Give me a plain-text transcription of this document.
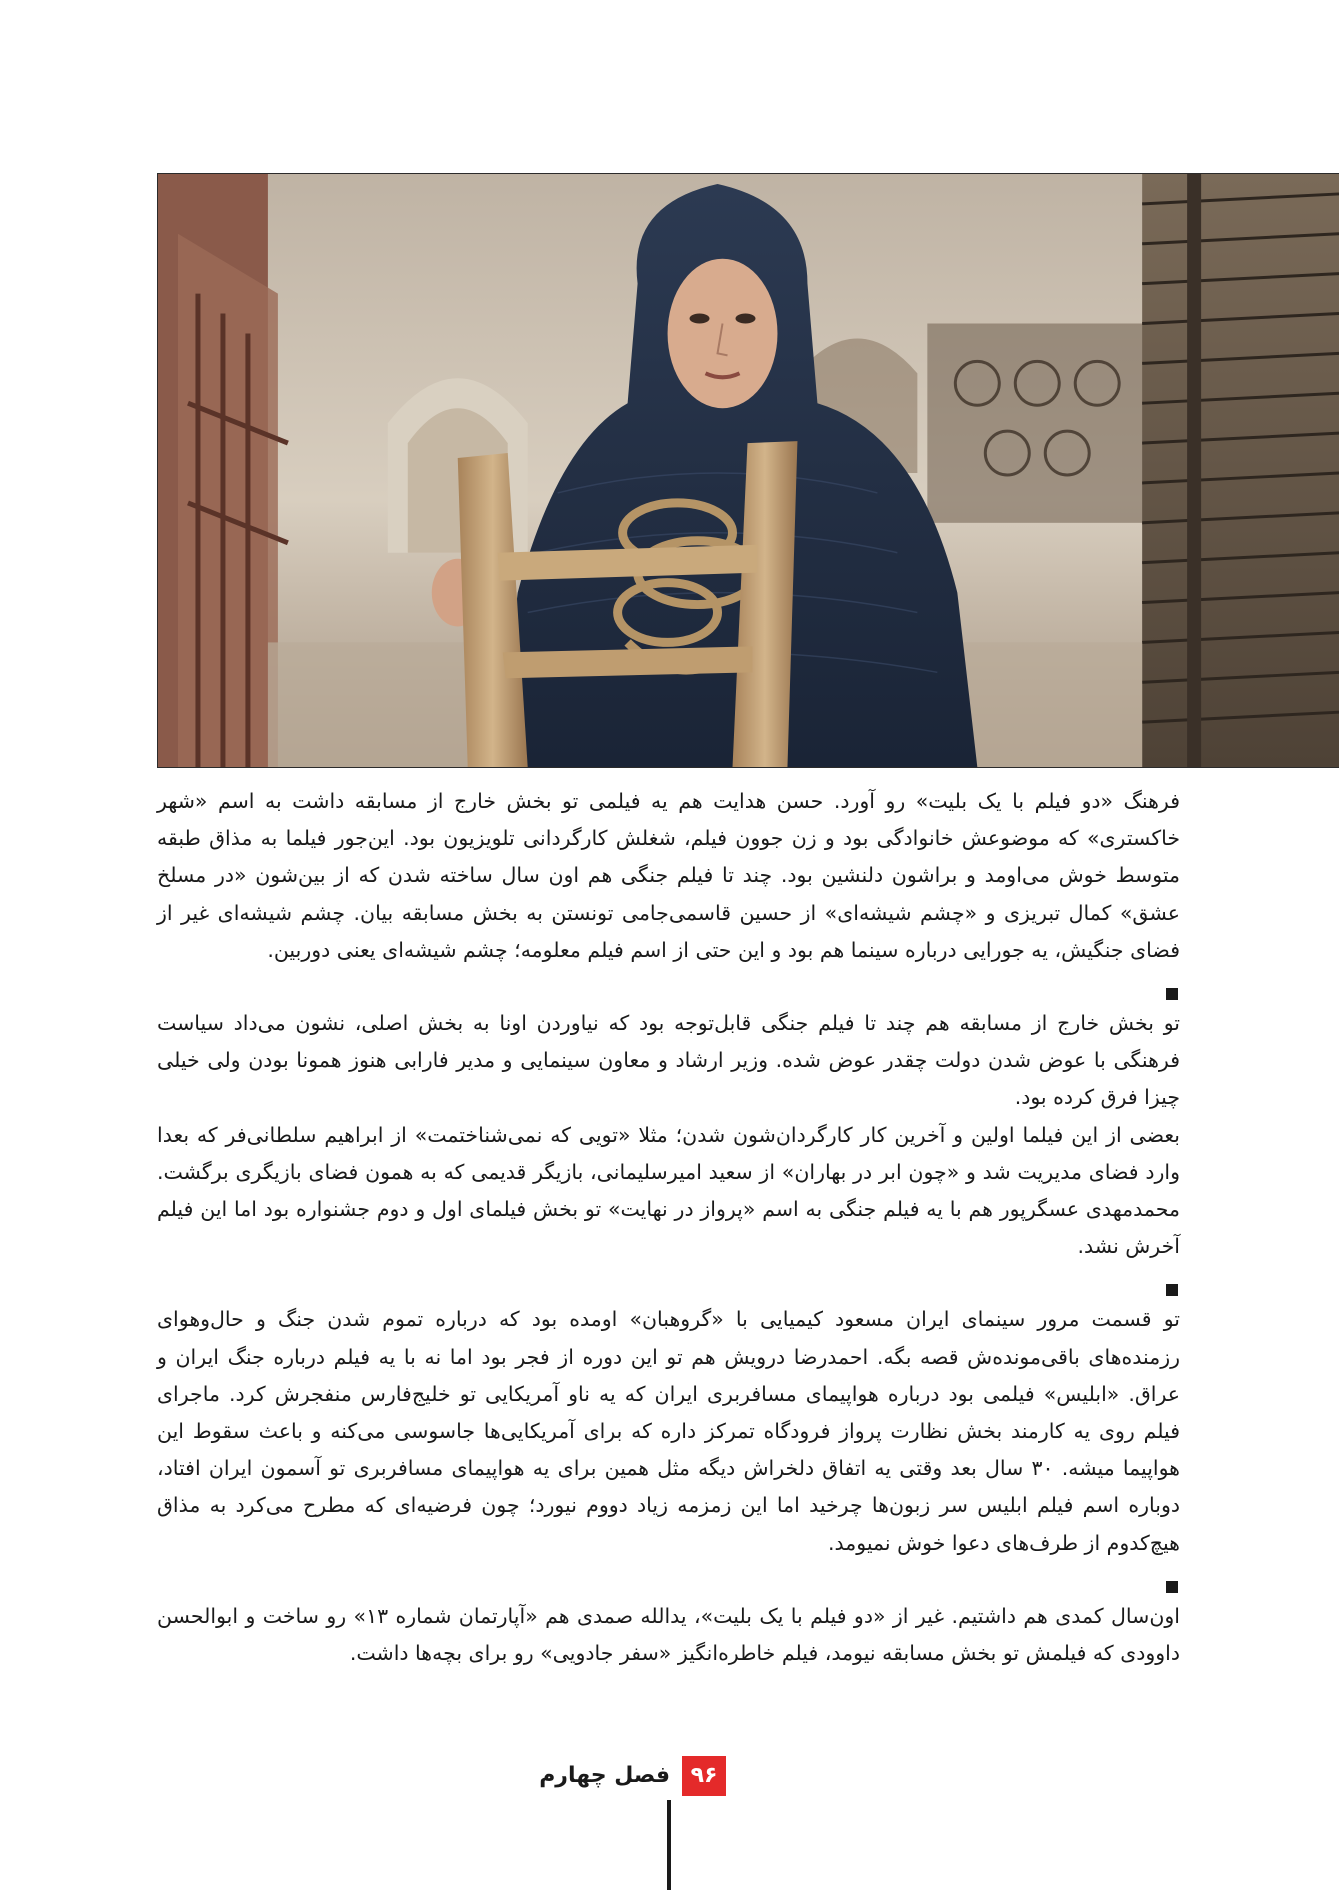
فرهنگ «دو فیلم با یک بلیت» رو آورد. حسن هدایت هم یه فیلمی تو بخش خارج از مسابقه داشت به اسم «شهر خاکستری» که موضوعش خانوادگی بود و زن جوون فیلم، شغلش کارگردانی تلویزیون بود. این‌جور فیلما به مذاق طبقه متوسط خوش می‌اومد و براشون دلنشین بود. چند تا فیلم جنگی هم اون سال ساخته شدن که از بین‌شون «در مسلخ عشق» کمال تبریزی و «چشم شیشه‌ای» از حسین قاسمی‌جامی تونستن به بخش مسابقه بیان. چشم شیشه‌ای غیر از فضای جنگیش، یه جورایی درباره سینما هم بود و این حتی از اسم فیلم معلومه؛ چشم شیشه‌ای یعنی دوربین.

تو بخش خارج از مسابقه هم چند تا فیلم جنگی قابل‌توجه بود که نیاوردن اونا به بخش اصلی، نشون می‌داد سیاست فرهنگی با عوض شدن دولت چقدر عوض شده. وزیر ارشاد و معاون سینمایی و مدیر فارابی هنوز همونا بودن ولی خیلی چیزا فرق کرده بود.

بعضی از این فیلما اولین و آخرین کار کارگردان‌شون شدن؛ مثلا «تویی که نمی‌شناختمت» از ابراهیم سلطانی‌فر که بعدا وارد فضای مدیریت شد و «چون ابر در بهاران» از سعید امیرسلیمانی، بازیگر قدیمی که به همون فضای بازیگری برگشت. محمدمهدی عسگرپور هم با یه فیلم جنگی به اسم «پرواز در نهایت» تو بخش فیلمای اول و دوم جشنواره بود اما این فیلم آخرش نشد.

تو قسمت مرور سینمای ایران مسعود کیمیایی با «گروهبان» اومده بود که درباره تموم شدن جنگ و حال‌وهوای رزمنده‌های باقی‌مونده‌ش قصه بگه. احمدرضا درویش هم تو این دوره از فجر بود اما نه با یه فیلم درباره جنگ ایران و عراق. «ابلیس» فیلمی بود درباره هواپیمای مسافربری ایران که یه ناو آمریکایی تو خلیج‌فارس منفجرش کرد. ماجرای فیلم روی یه کارمند بخش نظارت پرواز فرودگاه تمرکز داره که برای آمریکایی‌ها جاسوسی می‌کنه و باعث سقوط این هواپیما میشه. ۳۰ سال بعد وقتی یه اتفاق دلخراش دیگه مثل همین برای یه هواپیمای مسافربری تو آسمون ایران افتاد، دوباره اسم فیلم ابلیس سر زبون‌ها چرخید اما این زمزمه زیاد دووم نیورد؛ چون فرضیه‌ای که مطرح می‌کرد به مذاق هیچ‌کدوم از طرف‌های دعوا خوش نمیومد.

اون‌سال کمدی هم داشتیم. غیر از «دو فیلم با یک بلیت»، یدالله صمدی هم «آپارتمان شماره ۱۳» رو ساخت و ابوالحسن داوودی که فیلمش تو بخش مسابقه نیومد، فیلم خاطره‌انگیز «سفر جادویی» رو برای بچه‌ها داشت.

۹۶
فصل چهارم
